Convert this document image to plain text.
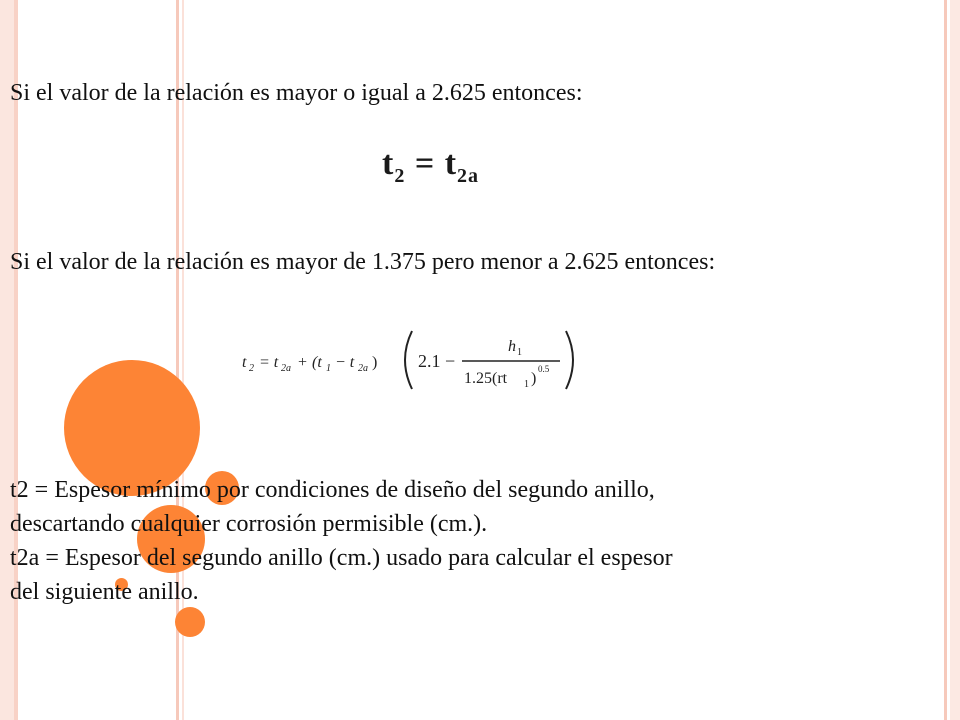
Si el valor de la relación es mayor o igual a 2.625 entonces:
$t_2 = t_{2a}$
Si el valor de la relación es mayor de 1.375 pero menor a 2.625 entonces:
t 2 = t 2a + (t 1 − t 2a ) 2.1 −
h 1
1.25(rt 1 )
0.5
t2 = Espesor mínimo por condiciones de diseño del segundo anillo,
descartando cualquier corrosión permisible (cm.).
t2a = Espesor del segundo anillo (cm.) usado para calcular el espesor
del siguiente anillo.
